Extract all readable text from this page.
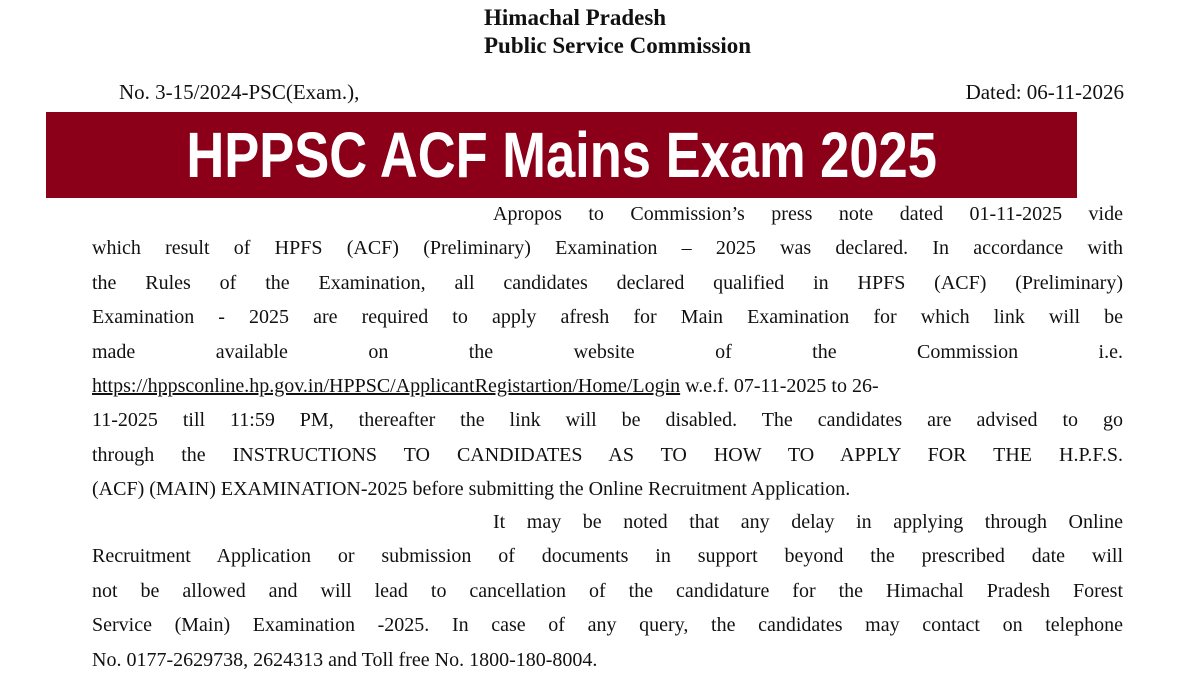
Himachal Pradesh
Public Service Commission
No. 3-15/2024-PSC(Exam.),	Dated: 06-11-2026
HPPSC ACF Mains Exam 2025
Apropos to Commission’s press note dated 01-11-2025 vide
which result of HPFS (ACF) (Preliminary) Examination – 2025 was declared. In accordance with
the Rules of the Examination, all candidates declared qualified in HPFS (ACF) (Preliminary)
Examination - 2025 are required to apply afresh for Main Examination for which link will be
made available on the website of the Commission i.e.
https://hppsconline.hp.gov.in/HPPSC/ApplicantRegistartion/Home/Login w.e.f. 07-11-2025 to 26-
11-2025 till 11:59 PM, thereafter the link will be disabled. The candidates are advised to go
through the INSTRUCTIONS TO CANDIDATES AS TO HOW TO APPLY FOR THE H.P.F.S.
(ACF) (MAIN) EXAMINATION-2025 before submitting the Online Recruitment Application.
It may be noted that any delay in applying through Online
Recruitment Application or submission of documents in support beyond the prescribed date will
not be allowed and will lead to cancellation of the candidature for the Himachal Pradesh Forest
Service (Main) Examination -2025. In case of any query, the candidates may contact on telephone
No. 0177-2629738, 2624313 and Toll free No. 1800-180-8004.
